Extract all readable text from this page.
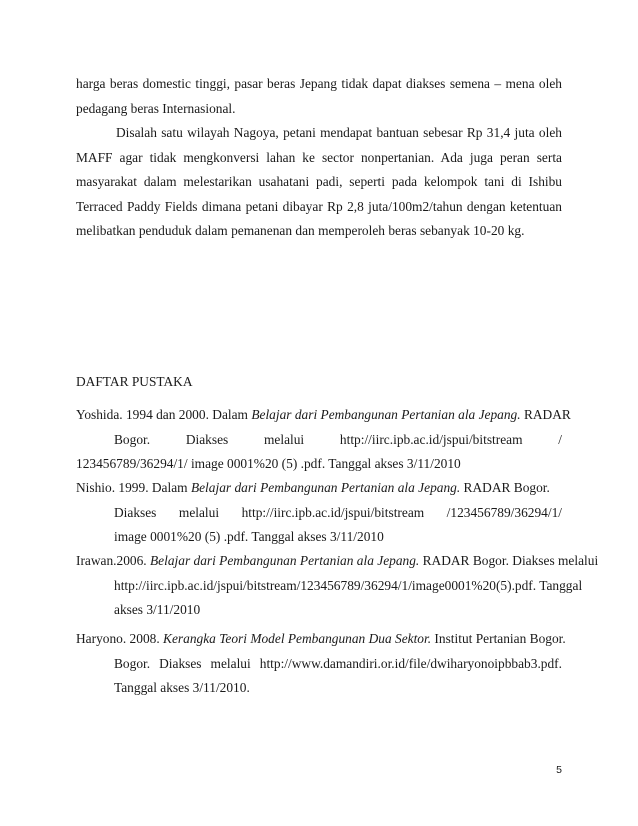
harga beras domestic tinggi, pasar beras Jepang tidak dapat diakses semena – mena oleh pedagang beras Internasional.

Disalah satu wilayah Nagoya, petani mendapat bantuan sebesar Rp 31,4 juta oleh MAFF agar tidak mengkonversi lahan ke sector nonpertanian. Ada juga peran serta masyarakat dalam melestarikan usahatani padi, seperti pada kelompok tani di Ishibu Terraced Paddy Fields dimana petani dibayar Rp 2,8 juta/100m2/tahun dengan ketentuan melibatkan penduduk dalam pemanenan dan memperoleh beras sebanyak 10-20 kg.

DAFTAR PUSTAKA

Yoshida. 1994 dan 2000. Dalam Belajar dari Pembangunan Pertanian ala Jepang. RADAR
Bogor. Diakses melalui http://iirc.ipb.ac.id/jspui/bitstream /
123456789/36294/1/ image 0001%20 (5) .pdf. Tanggal akses 3/11/2010
Nishio. 1999. Dalam Belajar dari Pembangunan Pertanian ala Jepang. RADAR Bogor.
Diakses melalui http://iirc.ipb.ac.id/jspui/bitstream /123456789/36294/1/
image 0001%20 (5) .pdf. Tanggal akses 3/11/2010
Irawan.2006. Belajar dari Pembangunan Pertanian ala Jepang. RADAR Bogor. Diakses melalui
http://iirc.ipb.ac.id/jspui/bitstream/123456789/36294/1/image0001%20(5).pdf. Tanggal
akses 3/11/2010
Haryono. 2008. Kerangka Teori Model Pembangunan Dua Sektor. Institut Pertanian Bogor.
Bogor. Diakses melalui http://www.damandiri.or.id/file/dwiharyonoipbbab3.pdf.
Tanggal akses 3/11/2010.

5
